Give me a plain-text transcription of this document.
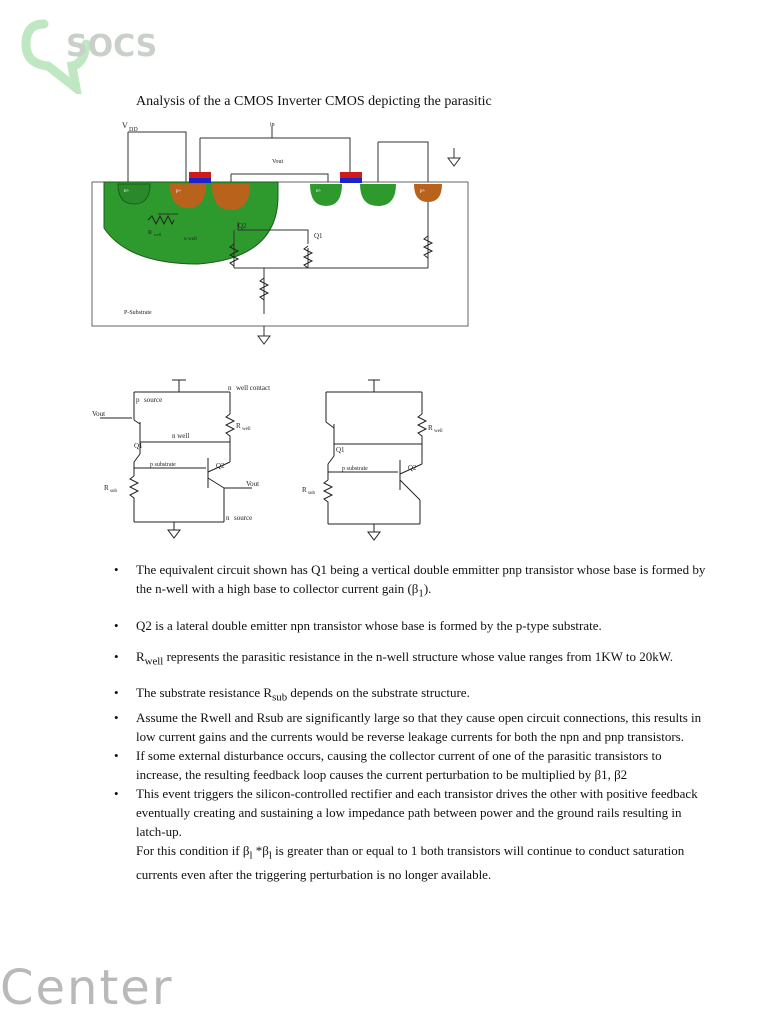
SOCS
Center
Analysis of the a CMOS Inverter CMOS depicting the parasitic
V DD
in
Vout
Q2
Q1
R well
n-well
p+
n+	n+	p+
P-Substrate
p source
n well contact
Vout
n well
Q1
R well
p substrate	Q2
R sub
Vout
n source
R well
Q1
p substrate	Q2
R sub
• The equivalent circuit shown has Q1 being a vertical double emmitter pnp transistor whose base is formed by the n-well with a high base to collector current gain $(\beta_1)$.
• Q2 is a lateral double emitter npn transistor whose base is formed by the p-type substrate.
• $R_{well}$ represents the parasitic resistance in the n-well structure whose value ranges from 1KW to 20kW.
• The substrate resistance $R_{sub}$ depends on the substrate structure.
• Assume the Rwell and Rsub are significantly large so that they cause open circuit connections, this results in low current gains and the currents would be reverse leakage currents for both the npn and pnp transistors.
• If some external disturbance occurs, causing the collector current of one of the parasitic transistors to increase, the resulting feedback loop causes the current perturbation to be multiplied by β1, β2
• This event triggers the silicon-controlled rectifier and each transistor drives the other with positive feedback eventually creating and sustaining a low impedance path between power and the ground rails resulting in latch-up.
For this condition if $\beta_l$ $*\beta_l$ is greater than or equal to 1 both transistors will continue to conduct saturation currents even after the triggering perturbation is no longer available.
